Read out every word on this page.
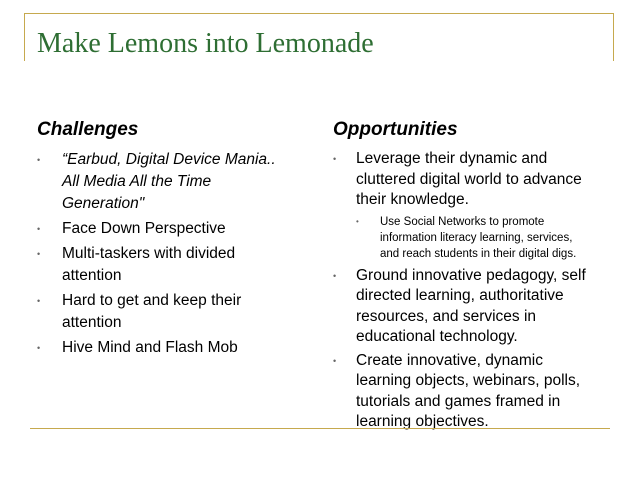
Make Lemons into Lemonade
Challenges
•	“Earbud, Digital Device Mania..
All Media All the Time
Generation"
•	Face Down Perspective
•	Multi-taskers with divided
attention
•	Hard to get and keep their
attention
•	Hive Mind and Flash Mob
Opportunities
•	Leverage their dynamic and
cluttered digital world to advance
their knowledge.
• Use Social Networks to promote
information literacy learning, services,
and reach students in their digital digs.
•	Ground innovative pedagogy, self
directed learning, authoritative
resources, and services in
educational technology.
•	Create innovative, dynamic
learning objects, webinars, polls,
tutorials and games framed in
learning objectives.
